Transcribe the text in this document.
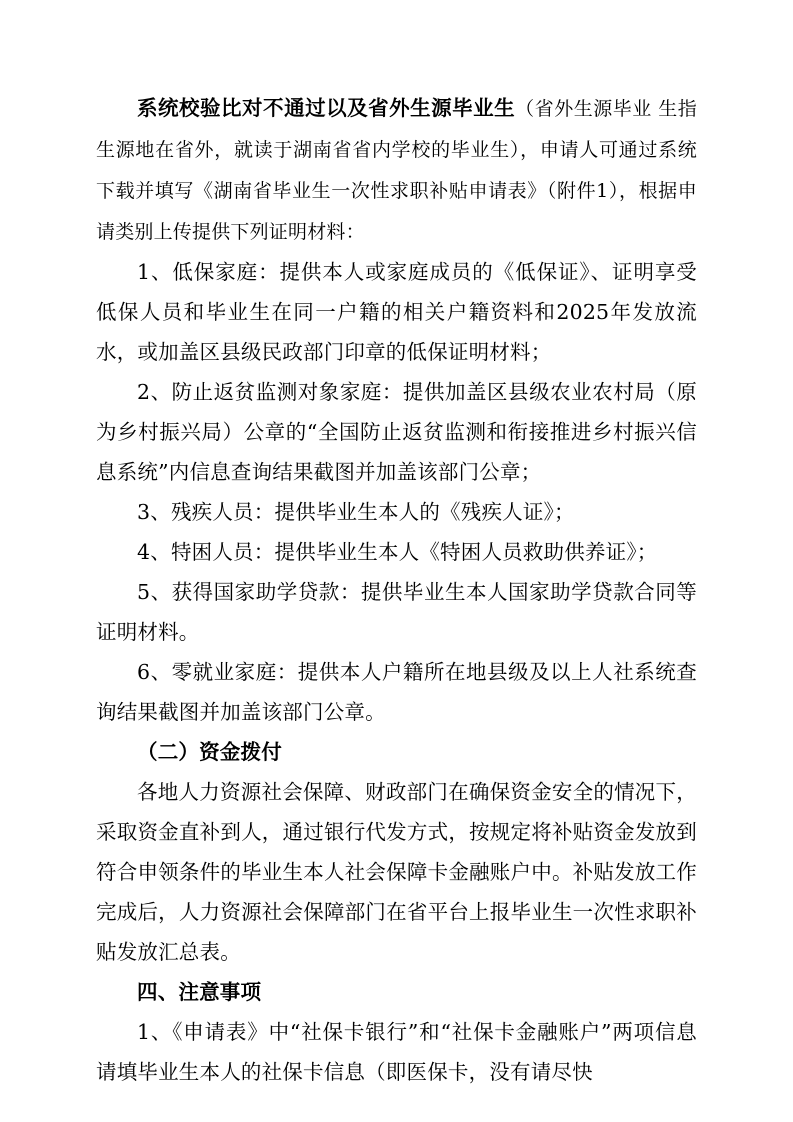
系统校验比对不通过以及省外生源毕业生（省外生源毕业 生指生源地在省外，就读于湖南省省内学校的毕业生），申请人可通过系统下载并填写《湖南省毕业生一次性求职补贴申请表》（附件1），根据申请类别上传提供下列证明材料：

1、低保家庭：提供本人或家庭成员的《低保证》、证明享受低保人员和毕业生在同一户籍的相关户籍资料和2025年发放流水，或加盖区县级民政部门印章的低保证明材料；

2、防止返贫监测对象家庭：提供加盖区县级农业农村局（原为乡村振兴局）公章的“全国防止返贫监测和衔接推进乡村振兴信息系统”内信息查询结果截图并加盖该部门公章；

3、残疾人员：提供毕业生本人的《残疾人证》；

4、特困人员：提供毕业生本人《特困人员救助供养证》；

5、获得国家助学贷款：提供毕业生本人国家助学贷款合同等证明材料。

6、零就业家庭：提供本人户籍所在地县级及以上人社系统查询结果截图并加盖该部门公章。

（二）资金拨付

各地人力资源社会保障、财政部门在确保资金安全的情况下，采取资金直补到人，通过银行代发方式，按规定将补贴资金发放到符合申领条件的毕业生本人社会保障卡金融账户中。补贴发放工作完成后，人力资源社会保障部门在省平台上报毕业生一次性求职补贴发放汇总表。

四、注意事项

1、《申请表》中“社保卡银行”和“社保卡金融账户”两项信息请填毕业生本人的社保卡信息（即医保卡，没有请尽快
